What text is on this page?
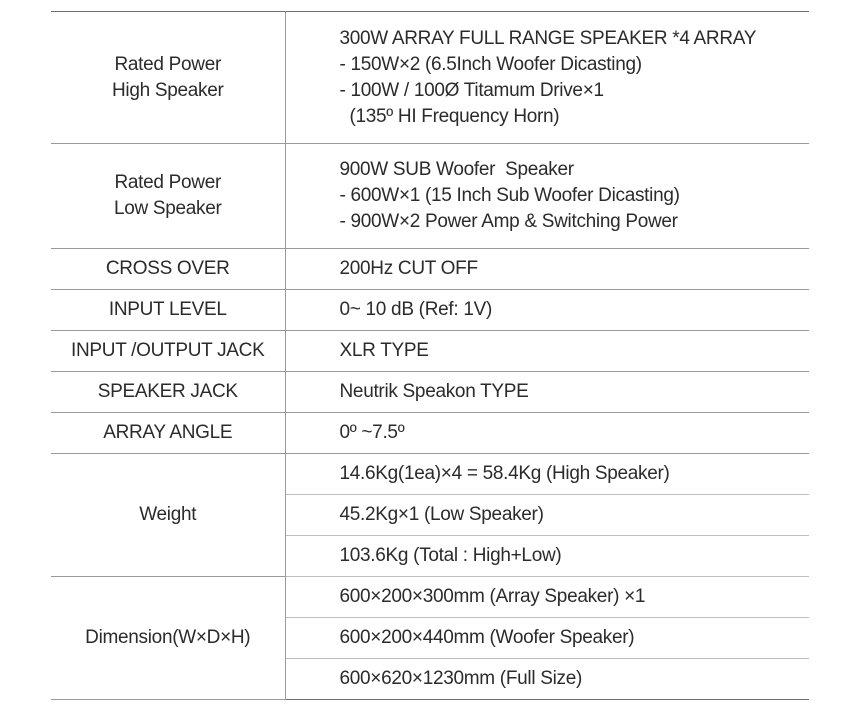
Rated Power
High Speaker	300W ARRAY FULL RANGE SPEAKER *4 ARRAY
- 150W×2 (6.5Inch Woofer Dicasting)
- 100W / 100Ø Titamum Drive×1
(135º HI Frequency Horn)

Rated Power
Low Speaker	900W SUB Woofer  Speaker
- 600W×1 (15 Inch Sub Woofer Dicasting)
- 900W×2 Power Amp & Switching Power

CROSS OVER	200Hz CUT OFF
INPUT LEVEL	0~ 10 dB (Ref: 1V)
INPUT /OUTPUT JACK	XLR TYPE
SPEAKER JACK	Neutrik Speakon TYPE
ARRAY ANGLE	0º ~7.5º
Weight	14.6Kg(1ea)×4 = 58.4Kg (High Speaker)
	45.2Kg×1 (Low Speaker)
	103.6Kg (Total : High+Low)
Dimension(W×D×H)	600×200×300mm (Array Speaker) ×1
	600×200×440mm (Woofer Speaker)
	600×620×1230mm (Full Size)
